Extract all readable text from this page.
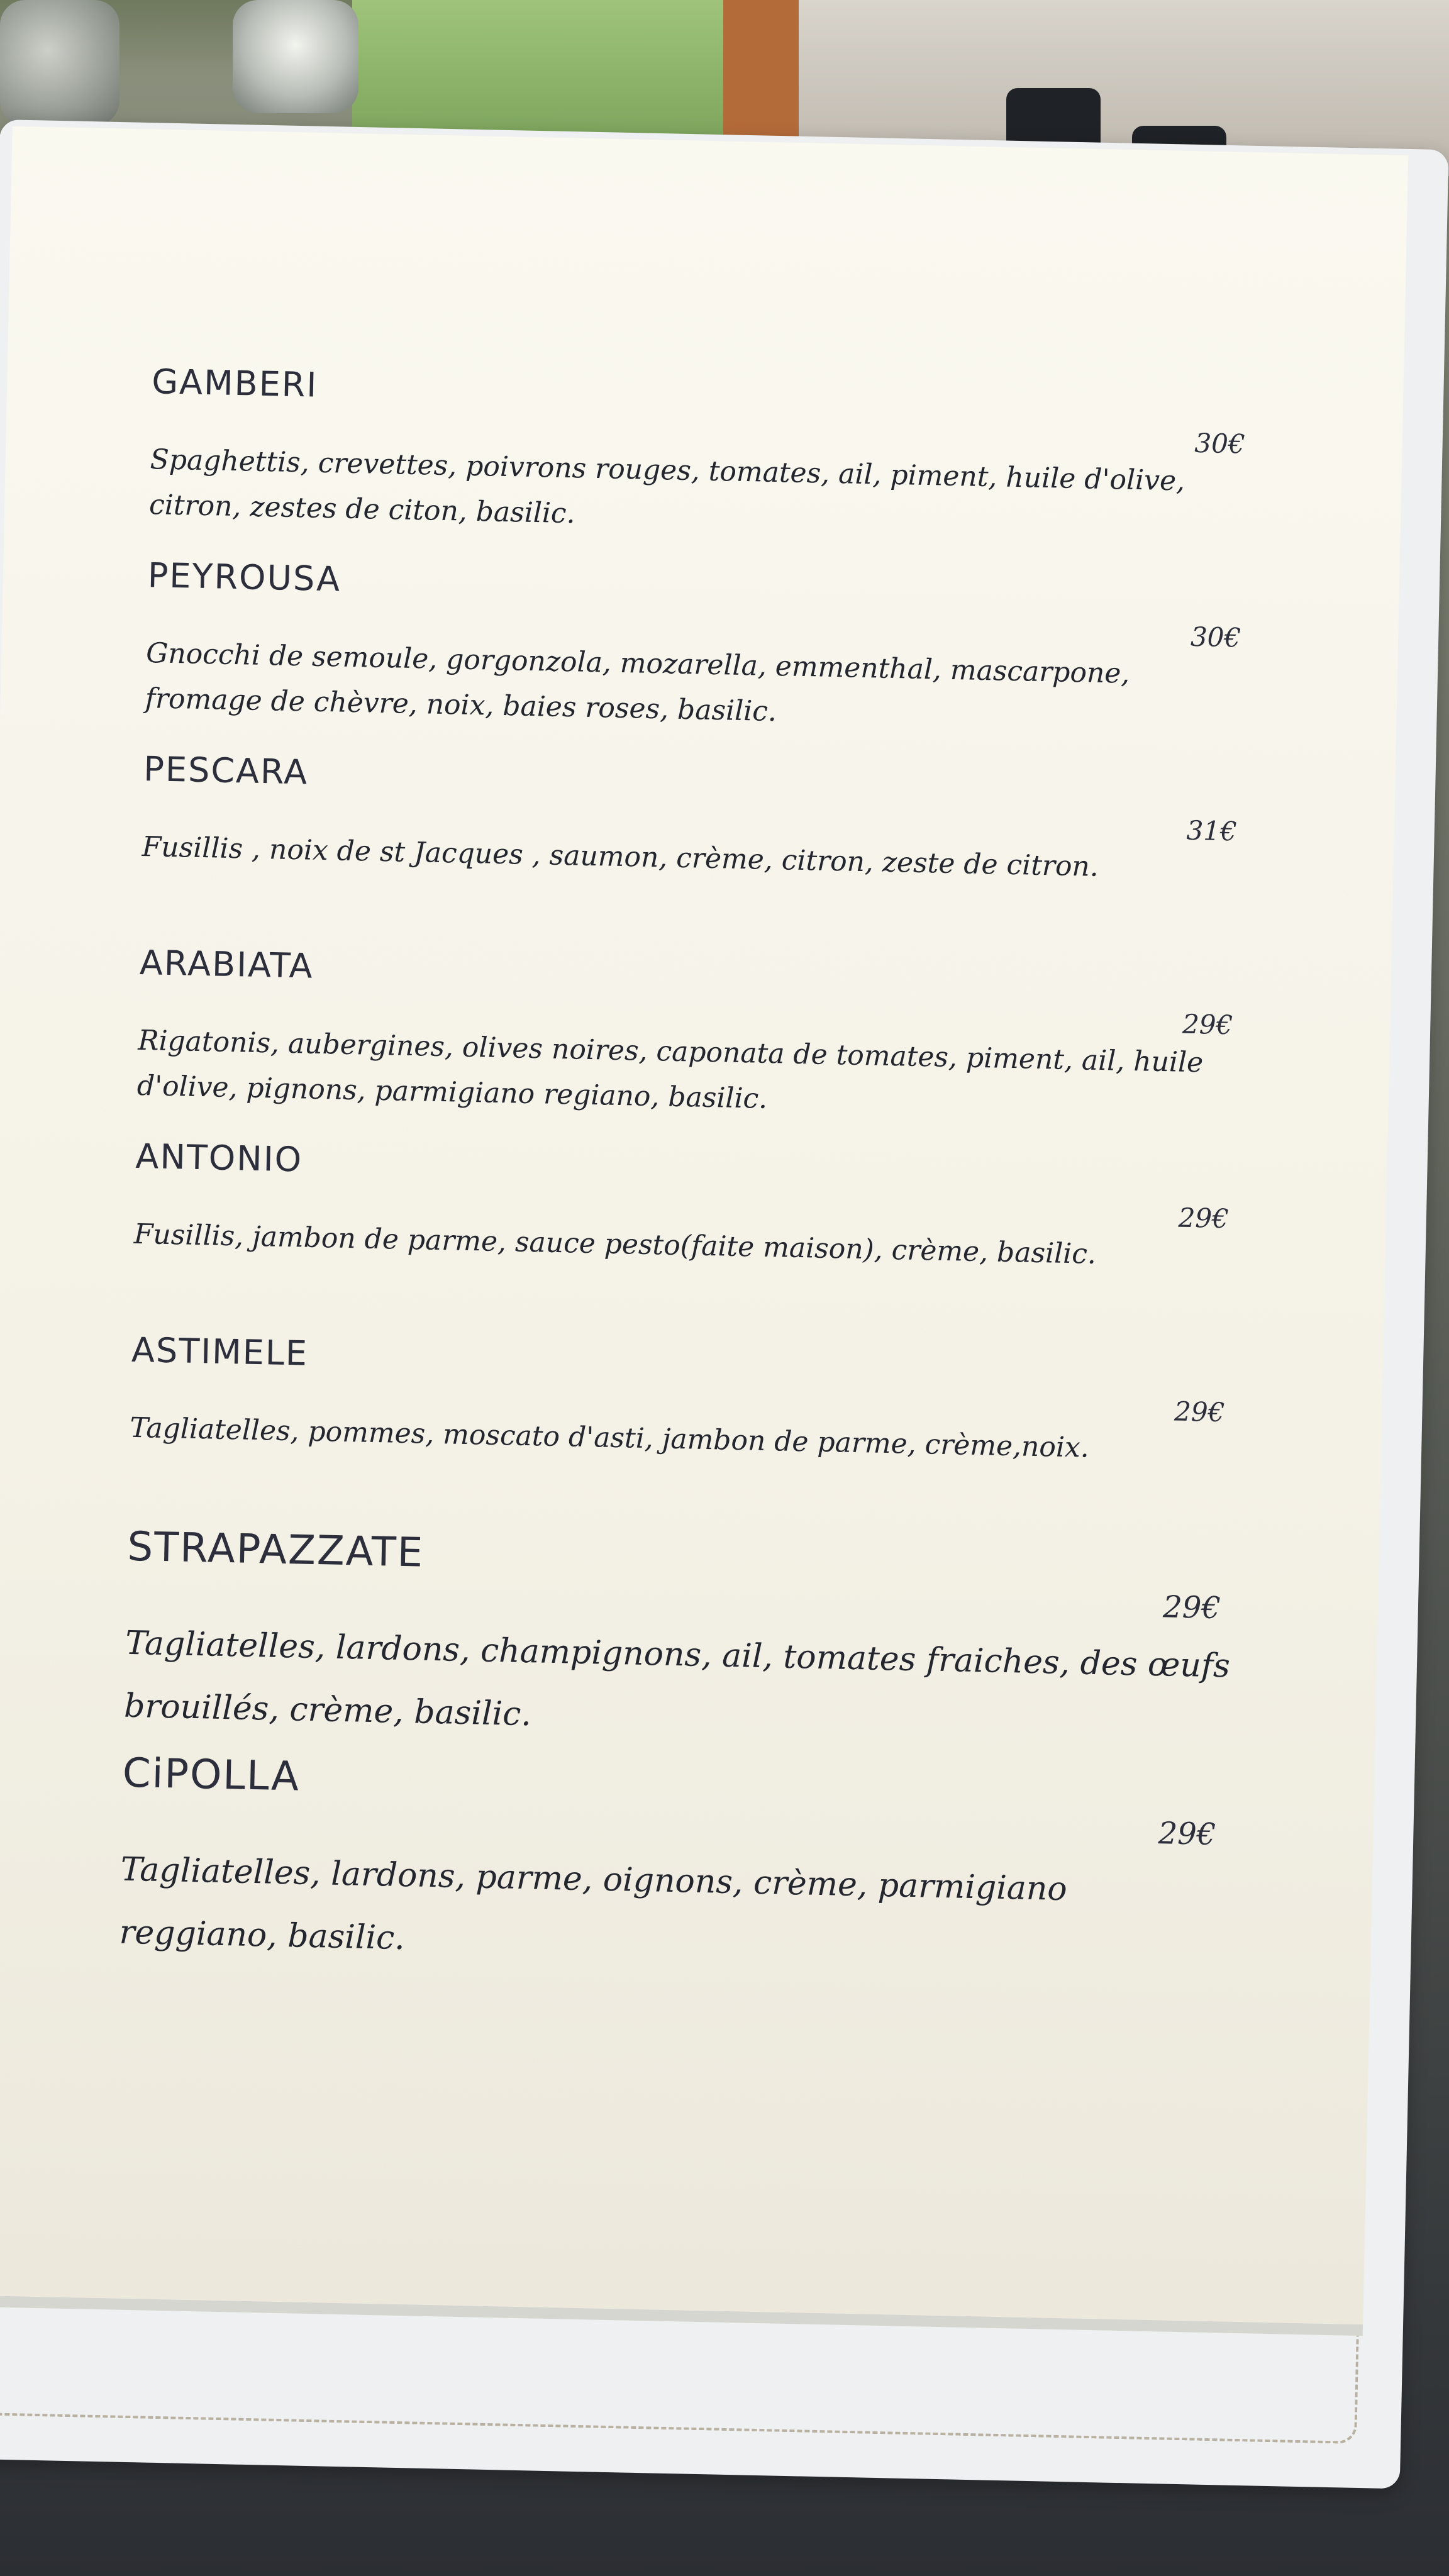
GAMBERI
30€
Spaghettis, crevettes, poivrons rouges, tomates, ail, piment, huile d'olive, citron, zestes de citon, basilic.
PEYROUSA
30€
Gnocchi de semoule, gorgonzola, mozarella, emmenthal, mascarpone, fromage de chèvre, noix, baies roses, basilic.
PESCARA
31€
Fusillis , noix de st Jacques , saumon, crème, citron, zeste de citron.
ARABIATA
29€
Rigatonis, aubergines, olives noires, caponata de tomates, piment, ail, huile d'olive, pignons, parmigiano regiano, basilic.
ANTONIO
29€
Fusillis, jambon de parme, sauce pesto(faite maison), crème, basilic.
ASTIMELE
29€
Tagliatelles, pommes, moscato d'asti, jambon de parme, crème,noix.
STRAPAZZATE
29€
Tagliatelles, lardons, champignons, ail, tomates fraiches, des œufs brouillés, crème, basilic.
CiPOLLA
29€
Tagliatelles, lardons, parme, oignons, crème, parmigiano reggiano, basilic.
